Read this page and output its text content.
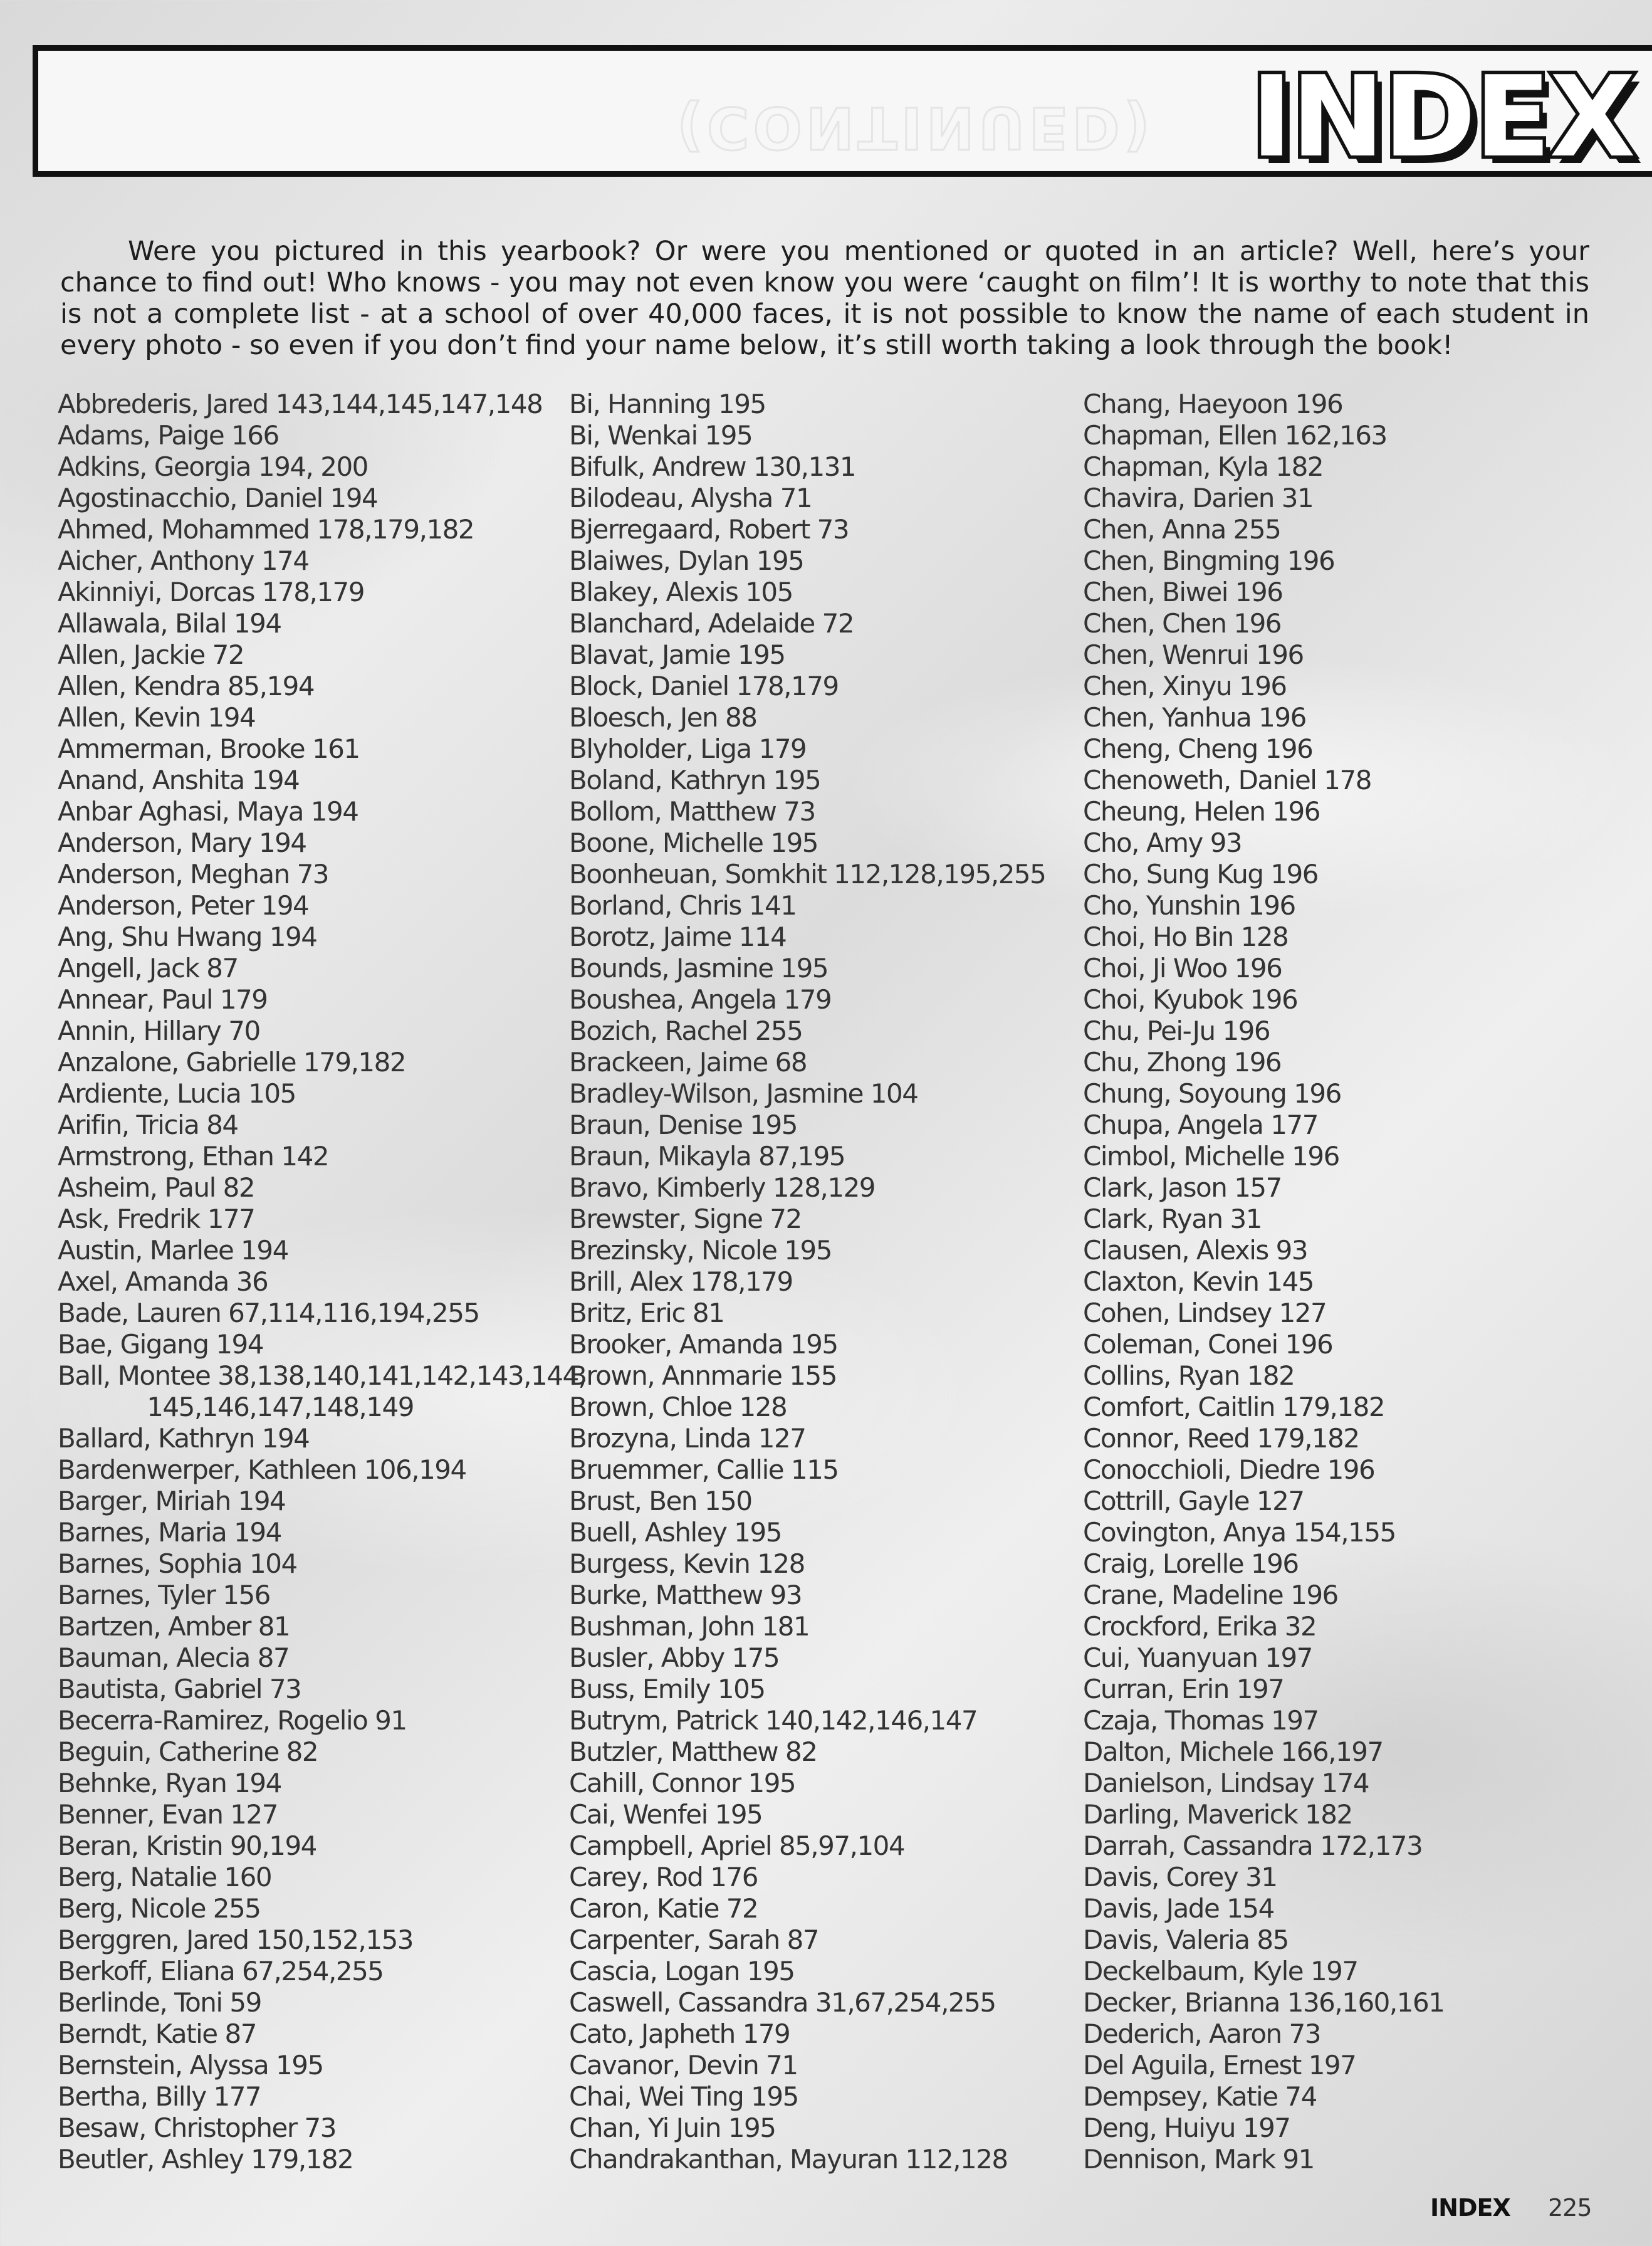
(CONTINUED) INDEX

Were you pictured in this yearbook? Or were you mentioned or quoted in an article? Well, here’s your chance to find out! Who knows - you may not even know you were ‘caught on film’! It is worthy to note that this is not a complete list - at a school of over 40,000 faces, it is not possible to know the name of each student in every photo - so even if you don’t find your name below, it’s still worth taking a look through the book!

Abbrederis, Jared 143,144,145,147,148
Adams, Paige 166
Adkins, Georgia 194, 200
Agostinacchio, Daniel 194
Ahmed, Mohammed 178,179,182
Aicher, Anthony 174
Akinniyi, Dorcas 178,179
Allawala, Bilal 194
Allen, Jackie 72
Allen, Kendra 85,194
Allen, Kevin 194
Ammerman, Brooke 161
Anand, Anshita 194
Anbar Aghasi, Maya 194
Anderson, Mary 194
Anderson, Meghan 73
Anderson, Peter 194
Ang, Shu Hwang 194
Angell, Jack 87
Annear, Paul 179
Annin, Hillary 70
Anzalone, Gabrielle 179,182
Ardiente, Lucia 105
Arifin, Tricia 84
Armstrong, Ethan 142
Asheim, Paul 82
Ask, Fredrik 177
Austin, Marlee 194
Axel, Amanda 36
Bade, Lauren 67,114,116,194,255
Bae, Gigang 194
Ball, Montee 38,138,140,141,142,143,144,
145,146,147,148,149
Ballard, Kathryn 194
Bardenwerper, Kathleen 106,194
Barger, Miriah 194
Barnes, Maria 194
Barnes, Sophia 104
Barnes, Tyler 156
Bartzen, Amber 81
Bauman, Alecia 87
Bautista, Gabriel 73
Becerra-Ramirez, Rogelio 91
Beguin, Catherine 82
Behnke, Ryan 194
Benner, Evan 127
Beran, Kristin 90,194
Berg, Natalie 160
Berg, Nicole 255
Berggren, Jared 150,152,153
Berkoff, Eliana 67,254,255
Berlinde, Toni 59
Berndt, Katie 87
Bernstein, Alyssa 195
Bertha, Billy 177
Besaw, Christopher 73
Beutler, Ashley 179,182
Bi, Hanning 195
Bi, Wenkai 195
Bifulk, Andrew 130,131
Bilodeau, Alysha 71
Bjerregaard, Robert 73
Blaiwes, Dylan 195
Blakey, Alexis 105
Blanchard, Adelaide 72
Blavat, Jamie 195
Block, Daniel 178,179
Bloesch, Jen 88
Blyholder, Liga 179
Boland, Kathryn 195
Bollom, Matthew 73
Boone, Michelle 195
Boonheuan, Somkhit 112,128,195,255
Borland, Chris 141
Borotz, Jaime 114
Bounds, Jasmine 195
Boushea, Angela 179
Bozich, Rachel 255
Brackeen, Jaime 68
Bradley-Wilson, Jasmine 104
Braun, Denise 195
Braun, Mikayla 87,195
Bravo, Kimberly 128,129
Brewster, Signe 72
Brezinsky, Nicole 195
Brill, Alex 178,179
Britz, Eric 81
Brooker, Amanda 195
Brown, Annmarie 155
Brown, Chloe 128
Brozyna, Linda 127
Bruemmer, Callie 115
Brust, Ben 150
Buell, Ashley 195
Burgess, Kevin 128
Burke, Matthew 93
Bushman, John 181
Busler, Abby 175
Buss, Emily 105
Butrym, Patrick 140,142,146,147
Butzler, Matthew 82
Cahill, Connor 195
Cai, Wenfei 195
Campbell, Apriel 85,97,104
Carey, Rod 176
Caron, Katie 72
Carpenter, Sarah 87
Cascia, Logan 195
Caswell, Cassandra 31,67,254,255
Cato, Japheth 179
Cavanor, Devin 71
Chai, Wei Ting 195
Chan, Yi Juin 195
Chandrakanthan, Mayuran 112,128
Chang, Haeyoon 196
Chapman, Ellen 162,163
Chapman, Kyla 182
Chavira, Darien 31
Chen, Anna 255
Chen, Bingming 196
Chen, Biwei 196
Chen, Chen 196
Chen, Wenrui 196
Chen, Xinyu 196
Chen, Yanhua 196
Cheng, Cheng 196
Chenoweth, Daniel 178
Cheung, Helen 196
Cho, Amy 93
Cho, Sung Kug 196
Cho, Yunshin 196
Choi, Ho Bin 128
Choi, Ji Woo 196
Choi, Kyubok 196
Chu, Pei-Ju 196
Chu, Zhong 196
Chung, Soyoung 196
Chupa, Angela 177
Cimbol, Michelle 196
Clark, Jason 157
Clark, Ryan 31
Clausen, Alexis 93
Claxton, Kevin 145
Cohen, Lindsey 127
Coleman, Conei 196
Collins, Ryan 182
Comfort, Caitlin 179,182
Connor, Reed 179,182
Conocchioli, Diedre 196
Cottrill, Gayle 127
Covington, Anya 154,155
Craig, Lorelle 196
Crane, Madeline 196
Crockford, Erika 32
Cui, Yuanyuan 197
Curran, Erin 197
Czaja, Thomas 197
Dalton, Michele 166,197
Danielson, Lindsay 174
Darling, Maverick 182
Darrah, Cassandra 172,173
Davis, Corey 31
Davis, Jade 154
Davis, Valeria 85
Deckelbaum, Kyle 197
Decker, Brianna 136,160,161
Dederich, Aaron 73
Del Aguila, Ernest 197
Dempsey, Katie 74
Deng, Huiyu 197
Dennison, Mark 91
INDEX 225
